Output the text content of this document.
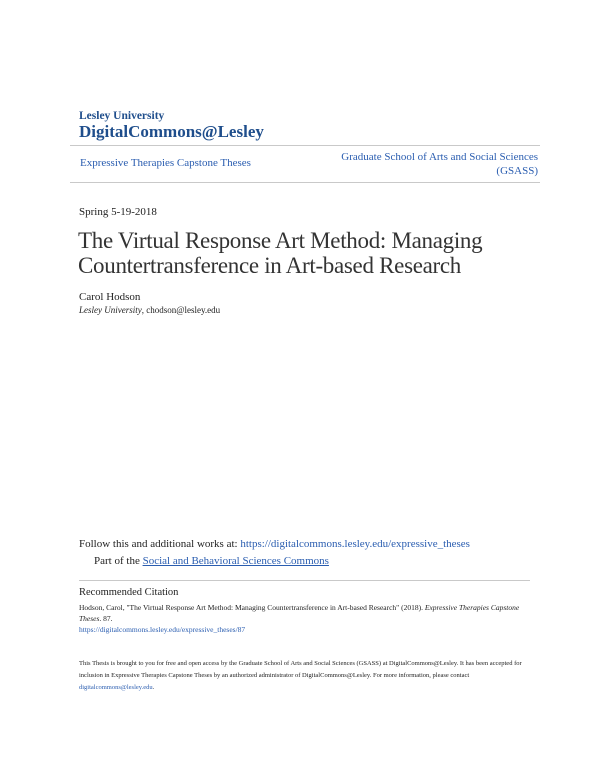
Lesley University
DigitalCommons@Lesley
Expressive Therapies Capstone Theses	Graduate School of Arts and Social Sciences (GSASS)
Spring 5-19-2018
The Virtual Response Art Method: Managing Countertransference in Art-based Research
Carol Hodson
Lesley University, chodson@lesley.edu
Follow this and additional works at: https://digitalcommons.lesley.edu/expressive_theses
Part of the Social and Behavioral Sciences Commons
Recommended Citation
Hodson, Carol, "The Virtual Response Art Method: Managing Countertransference in Art-based Research" (2018). Expressive Therapies Capstone Theses. 87.
https://digitalcommons.lesley.edu/expressive_theses/87
This Thesis is brought to you for free and open access by the Graduate School of Arts and Social Sciences (GSASS) at DigitalCommons@Lesley. It has been accepted for inclusion in Expressive Therapies Capstone Theses by an authorized administrator of DigitalCommons@Lesley. For more information, please contact digitalcommons@lesley.edu.
